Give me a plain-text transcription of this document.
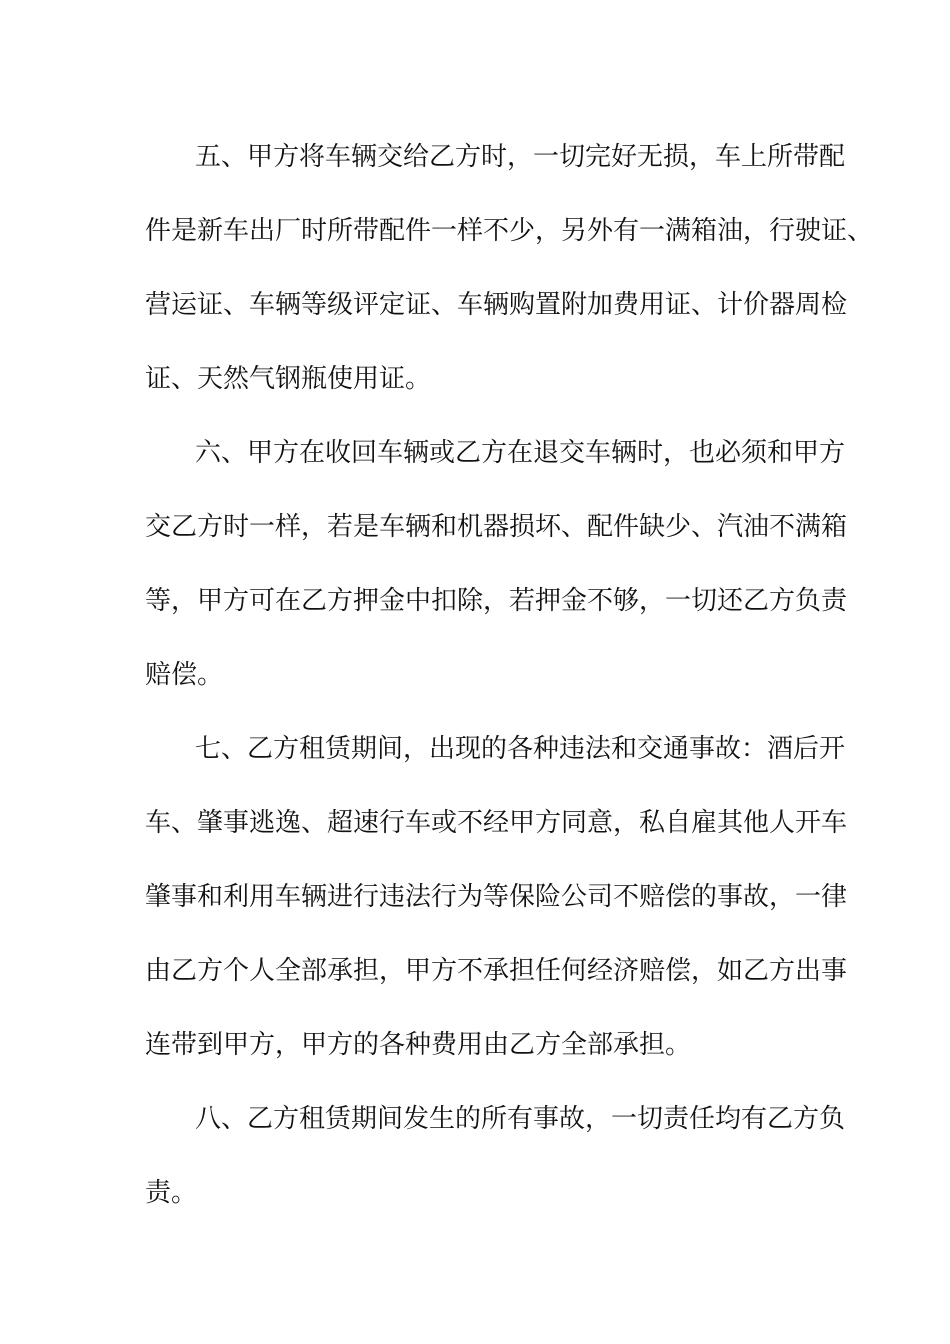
五、甲方将车辆交给乙方时，一切完好无损，车上所带配
件是新车出厂时所带配件一样不少，另外有一满箱油，行驶证、
营运证、车辆等级评定证、车辆购置附加费用证、计价器周检
证、天然气钢瓶使用证。
六、甲方在收回车辆或乙方在退交车辆时，也必须和甲方
交乙方时一样，若是车辆和机器损坏、配件缺少、汽油不满箱
等，甲方可在乙方押金中扣除，若押金不够，一切还乙方负责
赔偿。
七、乙方租赁期间，出现的各种违法和交通事故：酒后开
车、肇事逃逸、超速行车或不经甲方同意，私自雇其他人开车
肇事和利用车辆进行违法行为等保险公司不赔偿的事故，一律
由乙方个人全部承担，甲方不承担任何经济赔偿，如乙方出事
连带到甲方，甲方的各种费用由乙方全部承担。
八、乙方租赁期间发生的所有事故，一切责任均有乙方负
责。
